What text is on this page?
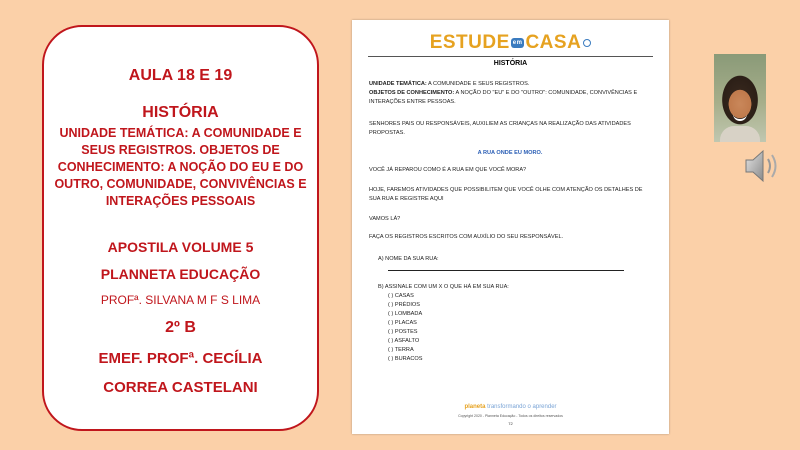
AULA 18 E 19
HISTÓRIA
UNIDADE TEMÁTICA: A COMUNIDADE E SEUS REGISTROS. OBJETOS DE CONHECIMENTO: A NOÇÃO DO EU E DO OUTRO, COMUNIDADE, CONVIVÊNCIAS E INTERAÇÕES PESSOAIS
APOSTILA VOLUME 5
PLANNETA EDUCAÇÃO
PROFª. SILVANA M F S LIMA
2º B
EMEF. PROFª. CECÍLIA
CORREA CASTELANI
ESTUDE em CASA
HISTÓRIA
UNIDADE TEMÁTICA: A COMUNIDADE E SEUS REGISTROS.
OBJETOS DE CONHECIMENTO: A NOÇÃO DO "EU" E DO "OUTRO": COMUNIDADE, CONVIVÊNCIAS E INTERAÇÕES ENTRE PESSOAS.
SENHORES PAIS OU RESPONSÁVEIS, AUXILIEM AS CRIANÇAS NA REALIZAÇÃO DAS ATIVIDADES PROPOSTAS.
A RUA ONDE EU MORO.
VOCÊ JÁ REPAROU COMO É A RUA EM QUE VOCÊ MORA?
HOJE, FAREMOS ATIVIDADES QUE POSSIBILITEM QUE VOCÊ OLHE COM ATENÇÃO OS DETALHES DE SUA RUA E REGISTRE AQUI
VAMOS LÁ?
FAÇA OS REGISTROS ESCRITOS COM AUXÍLIO DO SEU RESPONSÁVEL.
A) NOME DA SUA RUA:
B) ASSINALE COM UM X O QUE HÁ EM SUA RUA:
( ) CASAS
( ) PRÉDIOS
( ) LOMBADA
( ) PLACAS
( ) POSTES
( ) ASFALTO
( ) TERRA
( ) BURACOS
planeta transformando o aprender
Copyright 2020 - Planneta Educação - Todos os direitos reservados
72
